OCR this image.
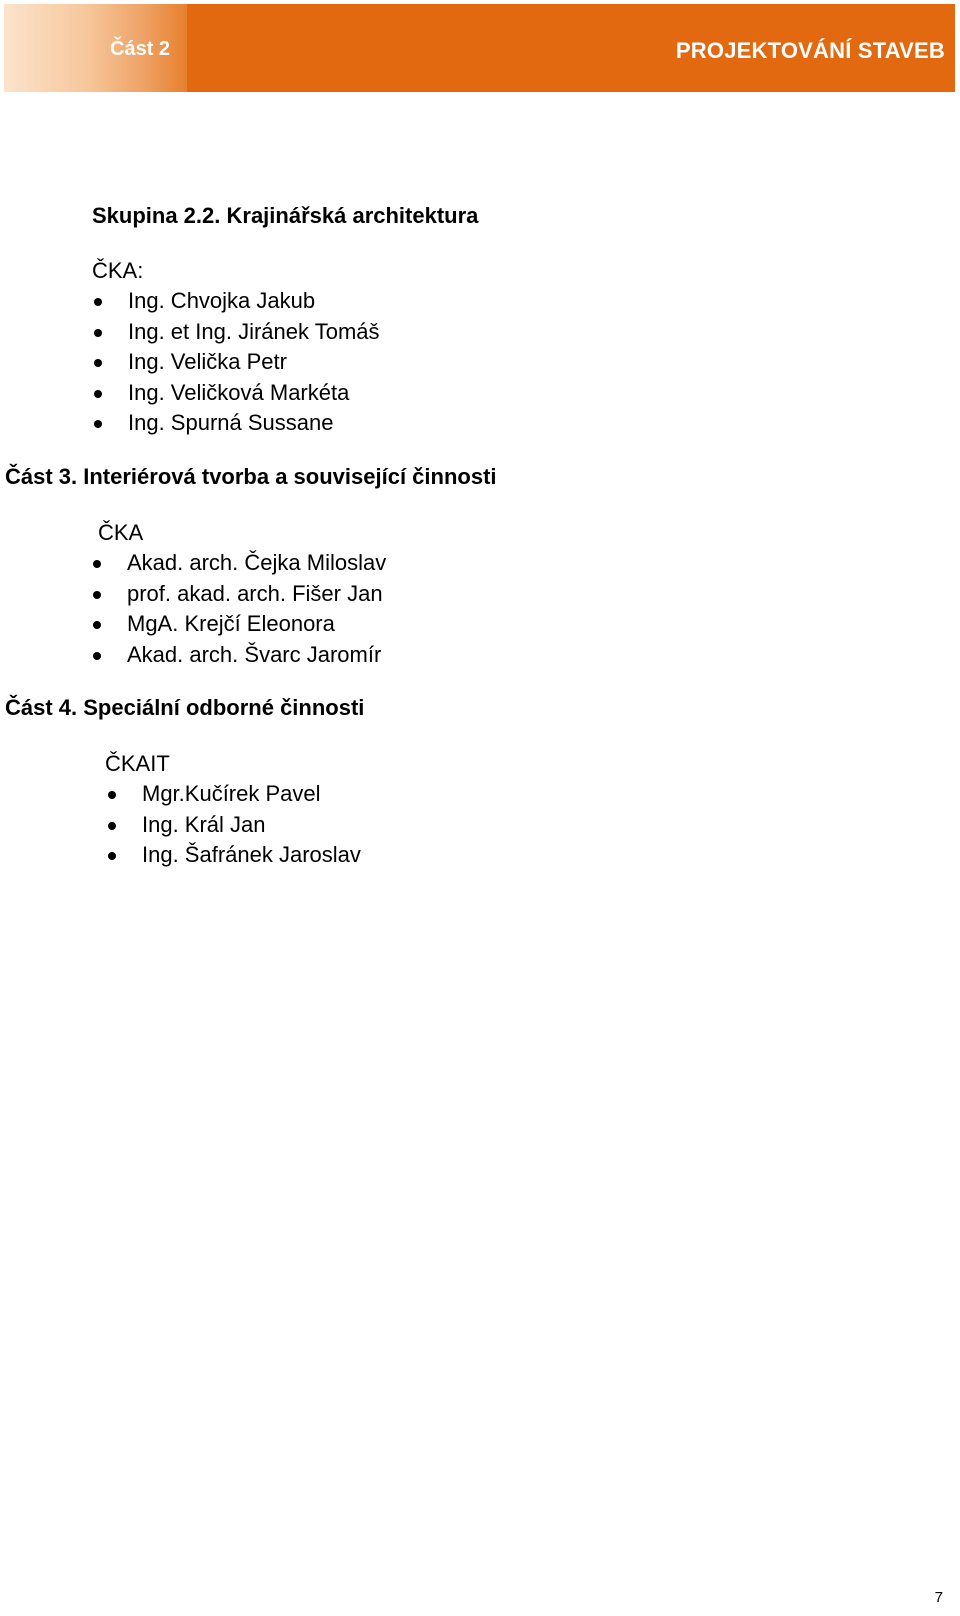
Část 2	PROJEKTOVÁNÍ STAVEB
Skupina 2.2. Krajinářská architektura
ČKA:
Ing. Chvojka Jakub
Ing. et Ing. Jiránek Tomáš
Ing. Velička Petr
Ing. Veličková Markéta
Ing. Spurná Sussane
Část 3. Interiérová tvorba a související činnosti
ČKA
Akad. arch. Čejka Miloslav
prof. akad. arch. Fišer Jan
MgA. Krejčí Eleonora
Akad. arch. Švarc Jaromír
Část 4. Speciální odborné činnosti
ČKAIT
Mgr.Kučírek Pavel
Ing. Král Jan
Ing. Šafránek Jaroslav
7
